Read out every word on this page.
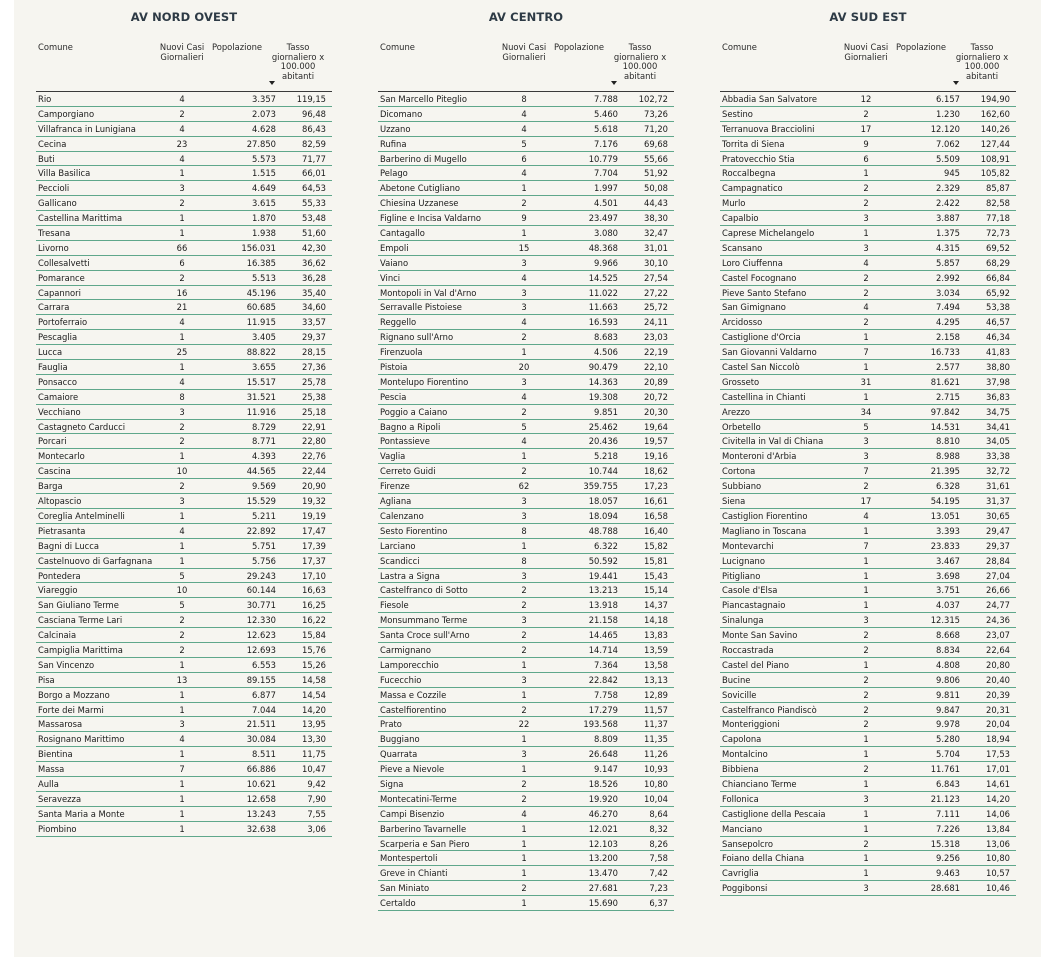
AV NORD OVEST
Comune	Nuovi Casi
Giornalieri
Popolazione	Tasso
giornaliero x
100.000
abitanti
Rio	4	3.357	119,15
Camporgiano	2	2.073	96,48
Villafranca in Lunigiana	4	4.628	86,43
Cecina	23	27.850	82,59
Buti	4	5.573	71,77
Villa Basilica	1	1.515	66,01
Peccioli	3	4.649	64,53
Gallicano	2	3.615	55,33
Castellina Marittima	1	1.870	53,48
Tresana	1	1.938	51,60
Livorno	66	156.031	42,30
Collesalvetti	6	16.385	36,62
Pomarance	2	5.513	36,28
Capannori	16	45.196	35,40
Carrara	21	60.685	34,60
Portoferraio	4	11.915	33,57
Pescaglia	1	3.405	29,37
Lucca	25	88.822	28,15
Fauglia	1	3.655	27,36
Ponsacco	4	15.517	25,78
Camaiore	8	31.521	25,38
Vecchiano	3	11.916	25,18
Castagneto Carducci	2	8.729	22,91
Porcari	2	8.771	22,80
Montecarlo	1	4.393	22,76
Cascina	10	44.565	22,44
Barga	2	9.569	20,90
Altopascio	3	15.529	19,32
Coreglia Antelminelli	1	5.211	19,19
Pietrasanta	4	22.892	17,47
Bagni di Lucca	1	5.751	17,39
Castelnuovo di Garfagnana	1	5.756	17,37
Pontedera	5	29.243	17,10
Viareggio	10	60.144	16,63
San Giuliano Terme	5	30.771	16,25
Casciana Terme Lari	2	12.330	16,22
Calcinaia	2	12.623	15,84
Campiglia Marittima	2	12.693	15,76
San Vincenzo	1	6.553	15,26
Pisa	13	89.155	14,58
Borgo a Mozzano	1	6.877	14,54
Forte dei Marmi	1	7.044	14,20
Massarosa	3	21.511	13,95
Rosignano Marittimo	4	30.084	13,30
Bientina	1	8.511	11,75
Massa	7	66.886	10,47
Aulla	1	10.621	9,42
Seravezza	1	12.658	7,90
Santa Maria a Monte	1	13.243	7,55
Piombino	1	32.638	3,06
AV CENTRO
Comune	Nuovi Casi
Giornalieri
Popolazione	Tasso
giornaliero x
100.000
abitanti
San Marcello Piteglio	8	7.788	102,72
Dicomano	4	5.460	73,26
Uzzano	4	5.618	71,20
Rufina	5	7.176	69,68
Barberino di Mugello	6	10.779	55,66
Pelago	4	7.704	51,92
Abetone Cutigliano	1	1.997	50,08
Chiesina Uzzanese	2	4.501	44,43
Figline e Incisa Valdarno	9	23.497	38,30
Cantagallo	1	3.080	32,47
Empoli	15	48.368	31,01
Vaiano	3	9.966	30,10
Vinci	4	14.525	27,54
Montopoli in Val d'Arno	3	11.022	27,22
Serravalle Pistoiese	3	11.663	25,72
Reggello	4	16.593	24,11
Rignano sull'Arno	2	8.683	23,03
Firenzuola	1	4.506	22,19
Pistoia	20	90.479	22,10
Montelupo Fiorentino	3	14.363	20,89
Pescia	4	19.308	20,72
Poggio a Caiano	2	9.851	20,30
Bagno a Ripoli	5	25.462	19,64
Pontassieve	4	20.436	19,57
Vaglia	1	5.218	19,16
Cerreto Guidi	2	10.744	18,62
Firenze	62	359.755	17,23
Agliana	3	18.057	16,61
Calenzano	3	18.094	16,58
Sesto Fiorentino	8	48.788	16,40
Larciano	1	6.322	15,82
Scandicci	8	50.592	15,81
Lastra a Signa	3	19.441	15,43
Castelfranco di Sotto	2	13.213	15,14
Fiesole	2	13.918	14,37
Monsummano Terme	3	21.158	14,18
Santa Croce sull'Arno	2	14.465	13,83
Carmignano	2	14.714	13,59
Lamporecchio	1	7.364	13,58
Fucecchio	3	22.842	13,13
Massa e Cozzile	1	7.758	12,89
Castelfiorentino	2	17.279	11,57
Prato	22	193.568	11,37
Buggiano	1	8.809	11,35
Quarrata	3	26.648	11,26
Pieve a Nievole	1	9.147	10,93
Signa	2	18.526	10,80
Montecatini-Terme	2	19.920	10,04
Campi Bisenzio	4	46.270	8,64
Barberino Tavarnelle	1	12.021	8,32
Scarperia e San Piero	1	12.103	8,26
Montespertoli	1	13.200	7,58
Greve in Chianti	1	13.470	7,42
San Miniato	2	27.681	7,23
Certaldo	1	15.690	6,37
AV SUD EST
Comune	Nuovi Casi
Giornalieri
Popolazione	Tasso
giornaliero x
100.000
abitanti
Abbadia San Salvatore	12	6.157	194,90
Sestino	2	1.230	162,60
Terranuova Bracciolini	17	12.120	140,26
Torrita di Siena	9	7.062	127,44
Pratovecchio Stia	6	5.509	108,91
Roccalbegna	1	945	105,82
Campagnatico	2	2.329	85,87
Murlo	2	2.422	82,58
Capalbio	3	3.887	77,18
Caprese Michelangelo	1	1.375	72,73
Scansano	3	4.315	69,52
Loro Ciuffenna	4	5.857	68,29
Castel Focognano	2	2.992	66,84
Pieve Santo Stefano	2	3.034	65,92
San Gimignano	4	7.494	53,38
Arcidosso	2	4.295	46,57
Castiglione d'Orcia	1	2.158	46,34
San Giovanni Valdarno	7	16.733	41,83
Castel San Niccolò	1	2.577	38,80
Grosseto	31	81.621	37,98
Castellina in Chianti	1	2.715	36,83
Arezzo	34	97.842	34,75
Orbetello	5	14.531	34,41
Civitella in Val di Chiana	3	8.810	34,05
Monteroni d'Arbia	3	8.988	33,38
Cortona	7	21.395	32,72
Subbiano	2	6.328	31,61
Siena	17	54.195	31,37
Castiglion Fiorentino	4	13.051	30,65
Magliano in Toscana	1	3.393	29,47
Montevarchi	7	23.833	29,37
Lucignano	1	3.467	28,84
Pitigliano	1	3.698	27,04
Casole d'Elsa	1	3.751	26,66
Piancastagnaio	1	4.037	24,77
Sinalunga	3	12.315	24,36
Monte San Savino	2	8.668	23,07
Roccastrada	2	8.834	22,64
Castel del Piano	1	4.808	20,80
Bucine	2	9.806	20,40
Sovicille	2	9.811	20,39
Castelfranco Piandiscò	2	9.847	20,31
Monteriggioni	2	9.978	20,04
Capolona	1	5.280	18,94
Montalcino	1	5.704	17,53
Bibbiena	2	11.761	17,01
Chianciano Terme	1	6.843	14,61
Follonica	3	21.123	14,20
Castiglione della Pescaia	1	7.111	14,06
Manciano	1	7.226	13,84
Sansepolcro	2	15.318	13,06
Foiano della Chiana	1	9.256	10,80
Cavriglia	1	9.463	10,57
Poggibonsi	3	28.681	10,46
